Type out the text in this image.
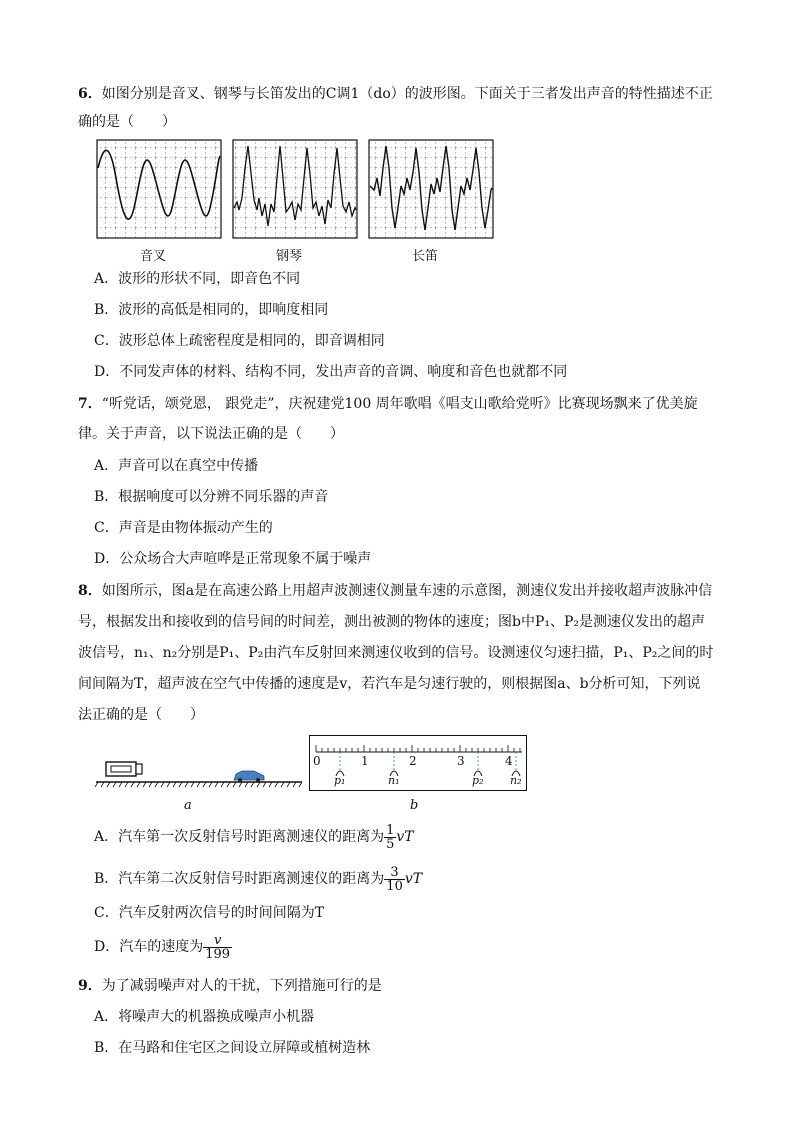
6．如图分别是音叉、钢琴与长笛发出的C调1（do）的波形图。下面关于三者发出声音的特性描述不正
确的是（　　）
音叉	钢琴	长笛
A．波形的形状不同，即音色不同
B．波形的高低是相同的，即响度相同
C．波形总体上疏密程度是相同的，即音调相同
D．不同发声体的材料、结构不同，发出声音的音调、响度和音色也就都不同
7．“听党话，颂党恩， 跟党走”，庆祝建党100 周年歌唱《唱支山歌给党听》比赛现场飘来了优美旋
律。关于声音，以下说法正确的是（　　）
A．声音可以在真空中传播
B．根据响度可以分辨不同乐器的声音
C．声音是由物体振动产生的
D．公众场合大声喧哗是正常现象不属于噪声
8．如图所示，图a是在高速公路上用超声波测速仪测量车速的示意图，测速仪发出并接收超声波脉冲信
号，根据发出和接收到的信号间的时间差，测出被测的物体的速度；图b中P₁、P₂是测速仪发出的超声
波信号，n₁、n₂分别是P₁、P₂由汽车反射回来测速仪收到的信号。设测速仪匀速扫描，P₁、P₂之间的时
间间隔为T，超声波在空气中传播的速度是v，若汽车是匀速行驶的，则根据图a、b分析可知，下列说
法正确的是（　　）
a
0	1	2	3	4
p₁	n₁	p₂ n₂
b
A．汽车第一次反射信号时距离测速仪的距离为 $\frac{1}{5}$ vT
B．汽车第二次反射信号时距离测速仪的距离为 $\frac{3}{10}$ vT
C．汽车反射两次信号的时间间隔为T
D．汽车的速度为 $\frac{v}{199}$
9．为了减弱噪声对人的干扰，下列措施可行的是
A．将噪声大的机器换成噪声小机器
B．在马路和住宅区之间设立屏障或植树造林
